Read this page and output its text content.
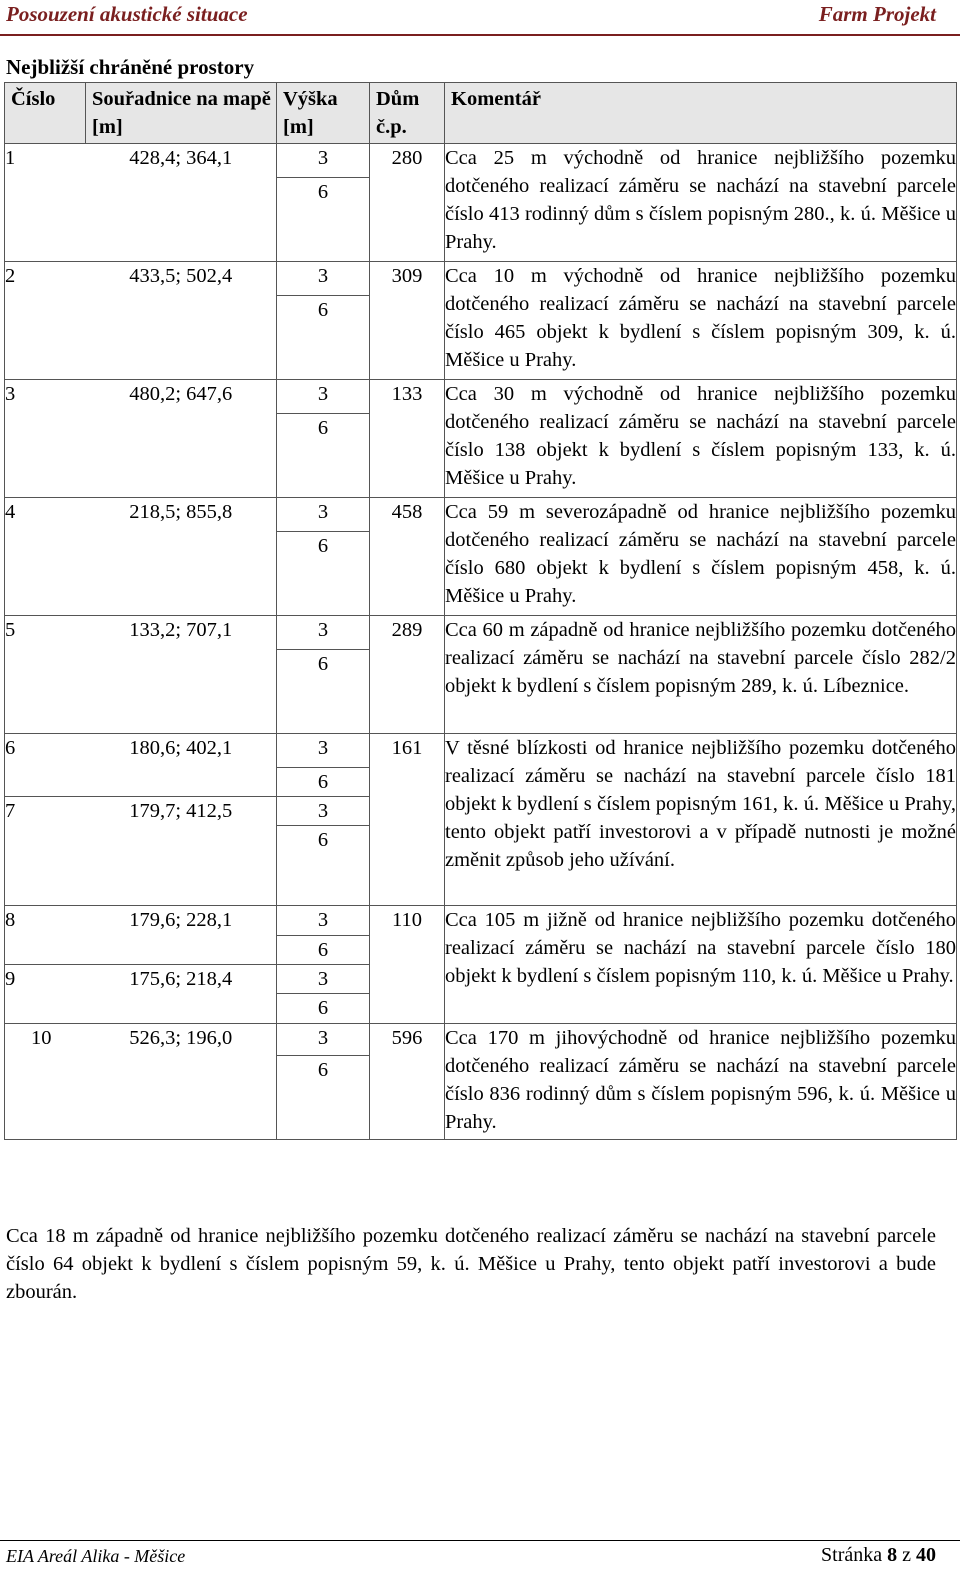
Posouzení akustické situace	Farm Projekt
Nejbližší chráněné prostory
Číslo	Souřadnice na mapě [m]	Výška [m]	Dům č.p.	Komentář
1	428,4; 364,1	3	280	Cca 25 m východně od hranice nejbližšího pozemku dotčeného realizací záměru se nachází na stavební parcele číslo 413 rodinný dům s číslem popisným 280., k. ú. Měšice u Prahy.
		6		
2	433,5; 502,4	3	309	Cca 10 m východně od hranice nejbližšího pozemku dotčeného realizací záměru se nachází na stavební parcele číslo 465 objekt k bydlení s číslem popisným 309, k. ú. Měšice u Prahy.
		6		
3	480,2; 647,6	3	133	Cca 30 m východně od hranice nejbližšího pozemku dotčeného realizací záměru se nachází na stavební parcele číslo 138 objekt k bydlení s číslem popisným 133, k. ú. Měšice u Prahy.
		6		
4	218,5; 855,8	3	458	Cca 59 m severozápadně od hranice nejbližšího pozemku dotčeného realizací záměru se nachází na stavební parcele číslo 680 objekt k bydlení s číslem popisným 458, k. ú. Měšice u Prahy.
		6		
5	133,2; 707,1	3	289	Cca 60 m západně od hranice nejbližšího pozemku dotčeného realizací záměru se nachází na stavební parcele číslo 282/2 objekt k bydlení s číslem popisným 289, k. ú. Líbeznice.
		6		
6	180,6; 402,1	3	161	V těsné blízkosti od hranice nejbližšího pozemku dotčeného realizací záměru se nachází na stavební parcele číslo 181 objekt k bydlení s číslem popisným 161, k. ú. Měšice u Prahy, tento objekt patří investorovi a v případě nutnosti je možné změnit způsob jeho užívání.
		6		
7	179,7; 412,5	3		
		6		
8	179,6; 228,1	3	110	Cca 105 m jižně od hranice nejbližšího pozemku dotčeného realizací záměru se nachází na stavební parcele číslo 180 objekt k bydlení s číslem popisným 110, k. ú. Měšice u Prahy.
		6		
9	175,6; 218,4	3		
		6		
10	526,3; 196,0	3	596	Cca 170 m jihovýchodně od hranice nejbližšího pozemku dotčeného realizací záměru se nachází na stavební parcele číslo 836 rodinný dům s číslem popisným 596, k. ú. Měšice u Prahy.
		6		
Cca 18 m západně od hranice nejbližšího pozemku dotčeného realizací záměru se nachází na stavební parcele číslo 64 objekt k bydlení s číslem popisným 59, k. ú. Měšice u Prahy, tento objekt patří investorovi a bude zbourán.
EIA Areál Alika - Měšice	Stránka 8 z 40
